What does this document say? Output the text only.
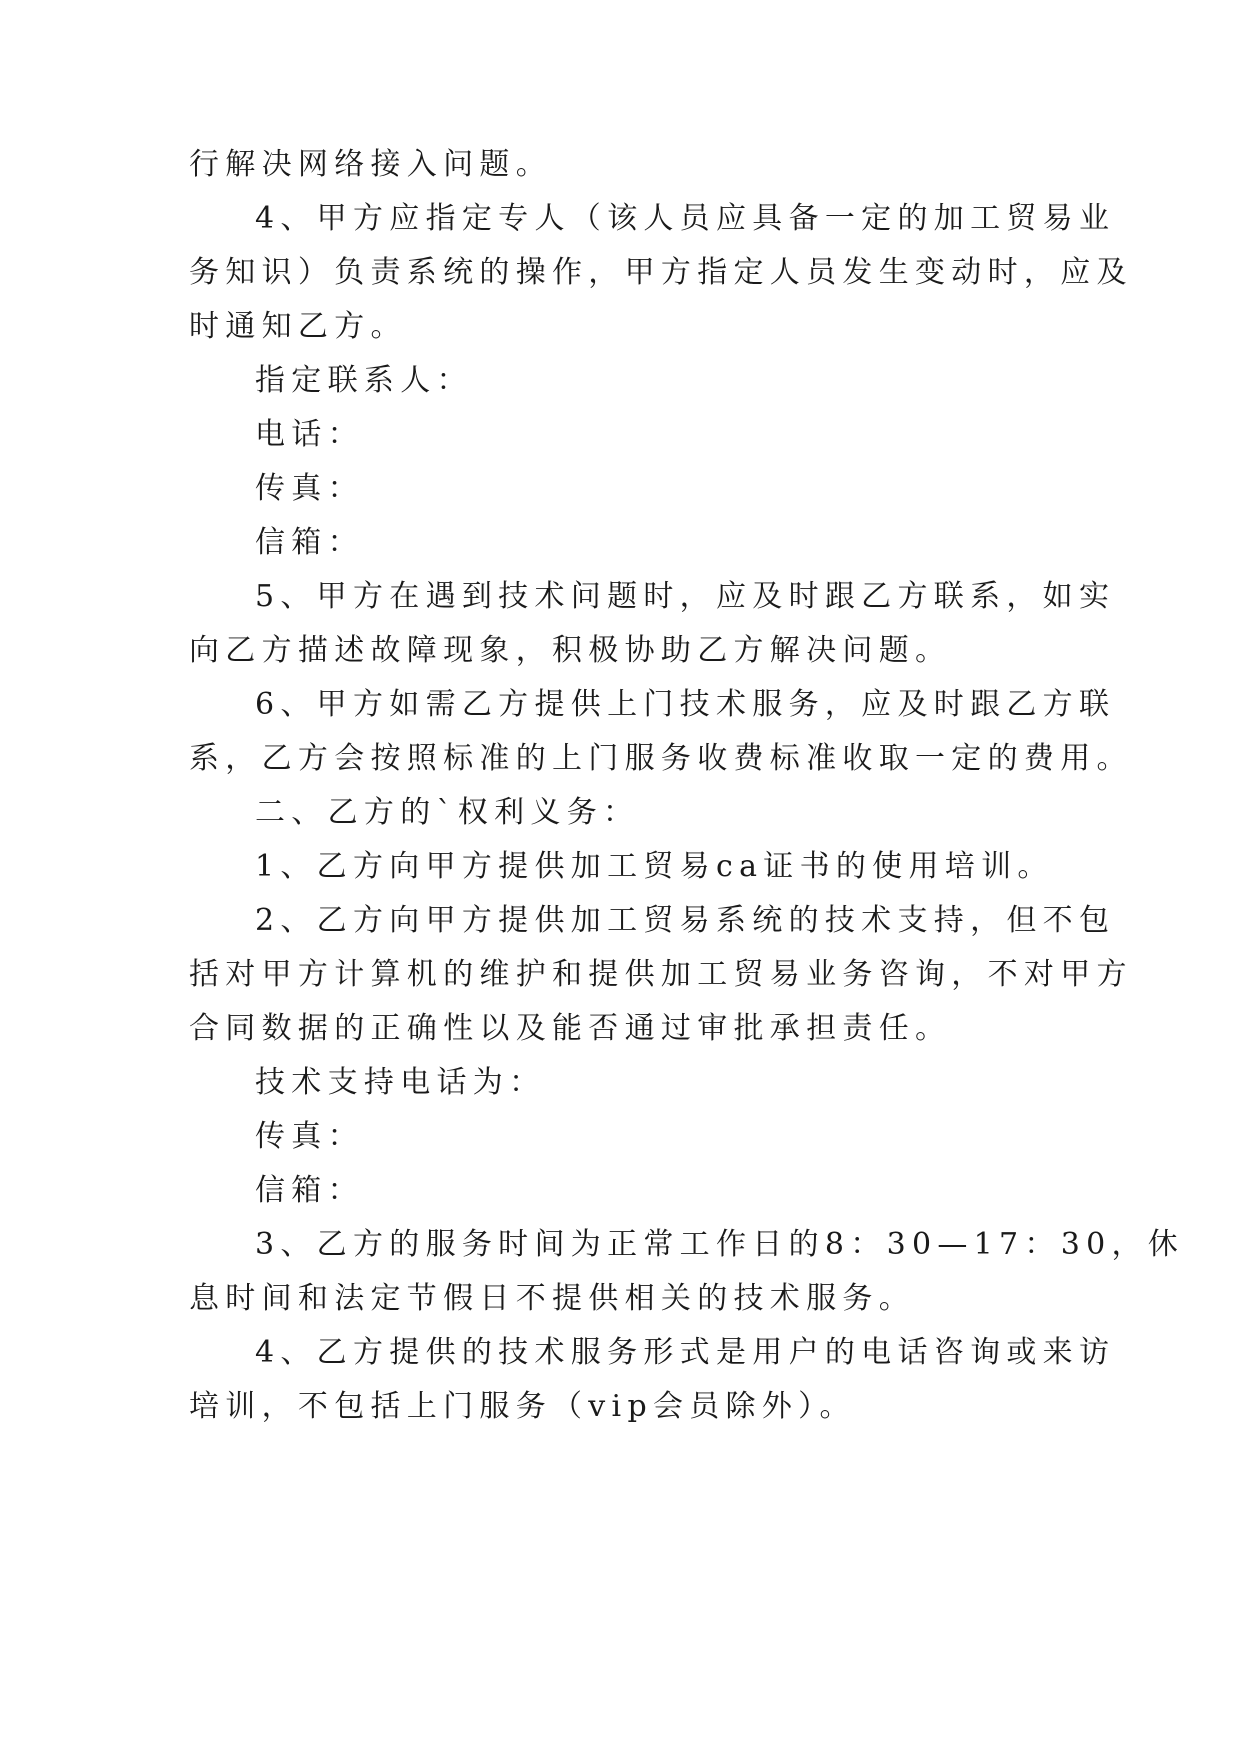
行解决网络接入问题。
4、甲方应指定专人（该人员应具备一定的加工贸易业
务知识）负责系统的操作，甲方指定人员发生变动时，应及
时通知乙方。
指定联系人：
电话：
传真：
信箱：
5、甲方在遇到技术问题时，应及时跟乙方联系，如实
向乙方描述故障现象，积极协助乙方解决问题。
6、甲方如需乙方提供上门技术服务，应及时跟乙方联
系，乙方会按照标准的上门服务收费标准收取一定的费用。
二、乙方的`权利义务：
1、乙方向甲方提供加工贸易ca证书的使用培训。
2、乙方向甲方提供加工贸易系统的技术支持，但不包
括对甲方计算机的维护和提供加工贸易业务咨询，不对甲方
合同数据的正确性以及能否通过审批承担责任。
技术支持电话为：
传真：
信箱：
3、乙方的服务时间为正常工作日的8：30—17：30，休
息时间和法定节假日不提供相关的技术服务。
4、乙方提供的技术服务形式是用户的电话咨询或来访
培训，不包括上门服务（vip会员除外）。
